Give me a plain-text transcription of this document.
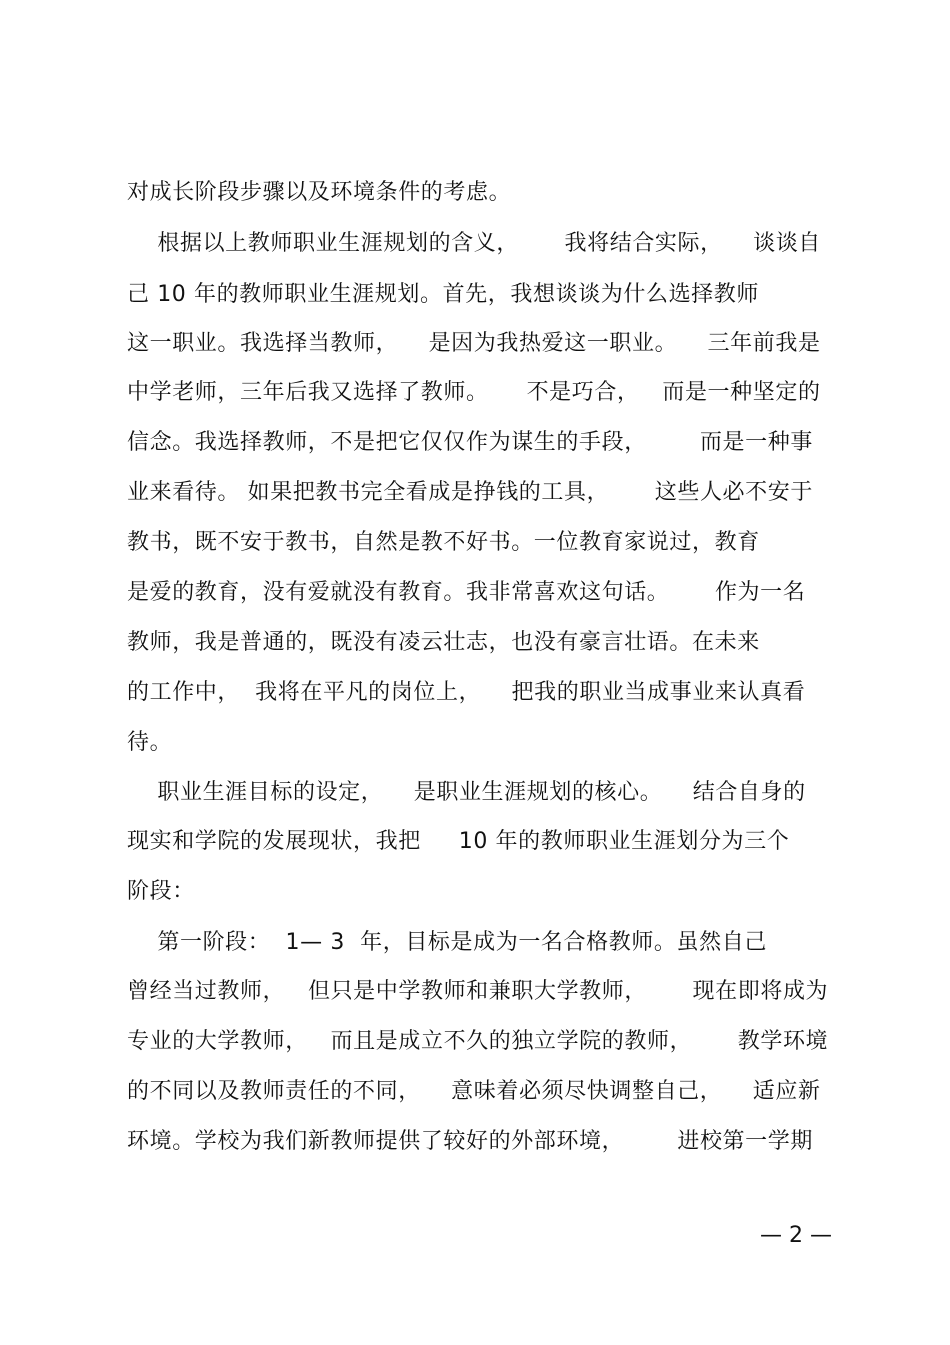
对成长阶段步骤以及环境条件的考虑。
根据以上教师职业生涯规划的含义，      我将结合实际，    谈谈自
己 10 年的教师职业生涯规划。首先，我想谈谈为什么选择教师
这一职业。我选择当教师，    是因为我热爱这一职业。    三年前我是
中学老师，三年后我又选择了教师。     不是巧合，   而是一种坚定的
信念。我选择教师，不是把它仅仅作为谋生的手段，       而是一种事
业来看待。 如果把教书完全看成是挣钱的工具，      这些人必不安于
教书，既不安于教书，自然是教不好书。一位教育家说过，教育
是爱的教育，没有爱就没有教育。我非常喜欢这句话。      作为一名
教师，我是普通的，既没有凌云壮志，也没有豪言壮语。在未来
的工作中，  我将在平凡的岗位上，    把我的职业当成事业来认真看
待。
职业生涯目标的设定，    是职业生涯规划的核心。    结合自身的
现实和学院的发展现状，我把     10 年的教师职业生涯划分为三个
阶段：
第一阶段：  1— 3  年，目标是成为一名合格教师。虽然自己
曾经当过教师，   但只是中学教师和兼职大学教师，      现在即将成为
专业的大学教师，   而且是成立不久的独立学院的教师，      教学环境
的不同以及教师责任的不同，    意味着必须尽快调整自己，    适应新
环境。学校为我们新教师提供了较好的外部环境，       进校第一学期
— 2 —
